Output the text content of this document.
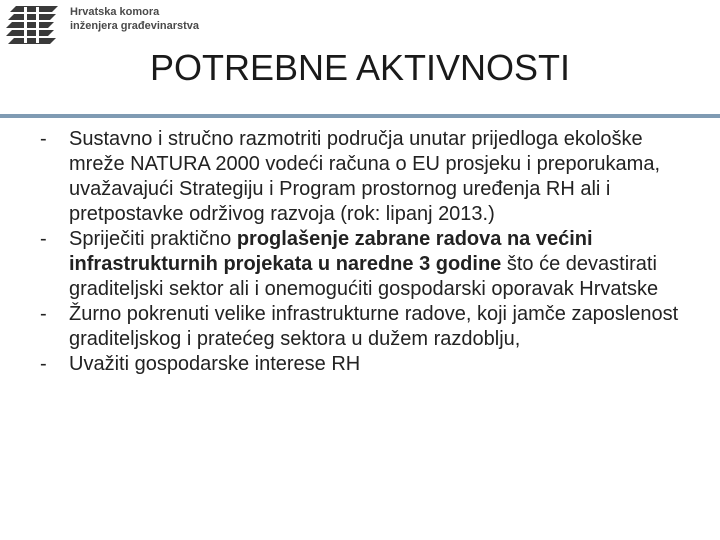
Hrvatska komora
inženjera građevinarstva
POTREBNE AKTIVNOSTI
-	Sustavno i stručno razmotriti područja unutar prijedloga ekološke mreže NATURA 2000 vodeći računa o EU prosjeku i preporukama, uvažavajući Strategiju i Program prostornog uređenja RH ali i pretpostavke održivog razvoja (rok: lipanj 2013.)
-	Spriječiti praktično proglašenje zabrane radova na većini infrastrukturnih projekata u naredne 3 godine što će devastirati graditeljski sektor ali i onemogućiti gospodarski oporavak Hrvatske
-	Žurno pokrenuti velike infrastrukturne radove, koji jamče zaposlenost graditeljskog i pratećeg sektora u dužem razdoblju,
-	Uvažiti gospodarske interese RH
